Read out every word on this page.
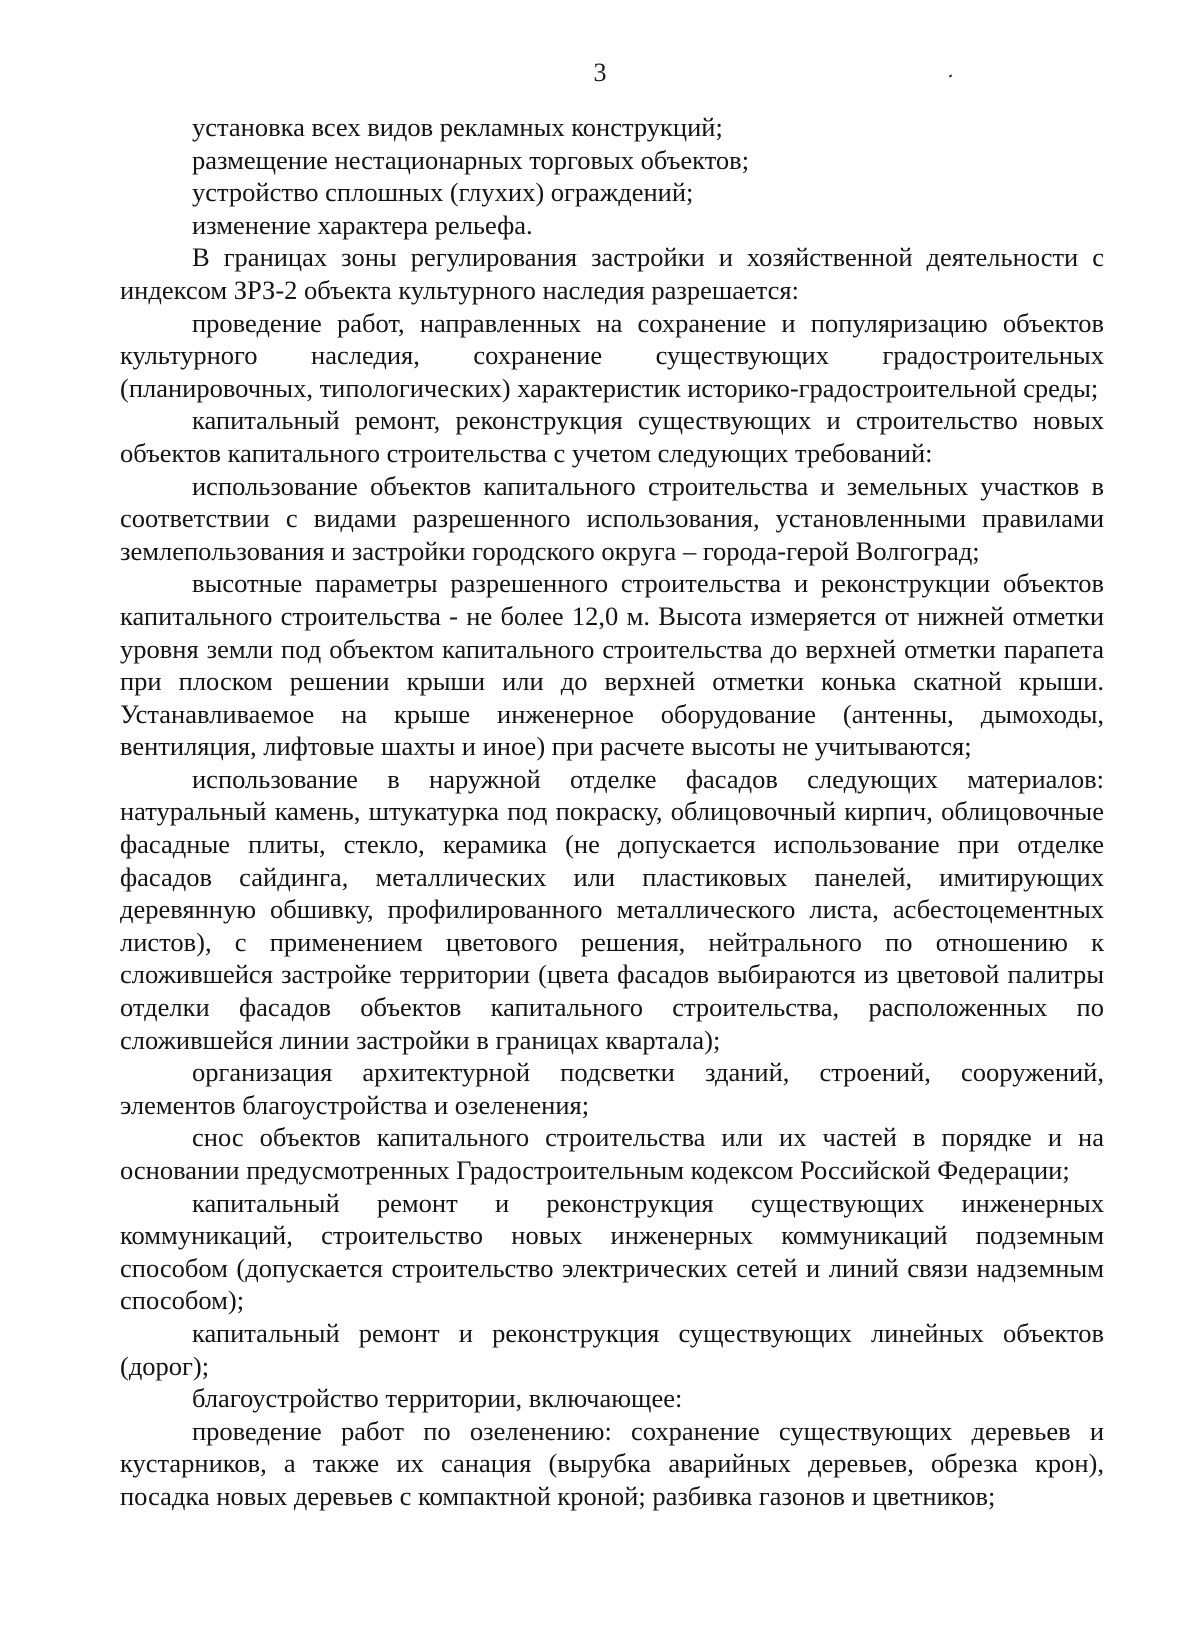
3

установка всех видов рекламных конструкций;

размещение нестационарных торговых объектов;

устройство сплошных (глухих) ограждений;

изменение характера рельефа.

В границах зоны регулирования застройки и хозяйственной деятельности с индексом ЗРЗ-2 объекта культурного наследия разрешается:

проведение работ, направленных на сохранение и популяризацию объектов культурного наследия, сохранение существующих градостроительных (планировочных, типологических) характеристик историко-градостроительной среды;

капитальный ремонт, реконструкция существующих и строительство новых объектов капитального строительства с учетом следующих требований:

использование объектов капитального строительства и земельных участков в соответствии с видами разрешенного использования, установленными правилами землепользования и застройки городского округа – города-герой Волгоград;

высотные параметры разрешенного строительства и реконструкции объектов капитального строительства - не более 12,0 м. Высота измеряется от нижней отметки уровня земли под объектом капитального строительства до верхней отметки парапета при плоском решении крыши или до верхней отметки конька скатной крыши. Устанавливаемое на крыше инженерное оборудование (антенны, дымоходы, вентиляция, лифтовые шахты и иное) при расчете высоты не учитываются;

использование в наружной отделке фасадов следующих материалов: натуральный камень, штукатурка под покраску, облицовочный кирпич, облицовочные фасадные плиты, стекло, керамика (не допускается использование при отделке фасадов сайдинга, металлических или пластиковых панелей, имитирующих деревянную обшивку, профилированного металлического листа, асбестоцементных листов), с применением цветового решения, нейтрального по отношению к сложившейся застройке территории (цвета фасадов выбираются из цветовой палитры отделки фасадов объектов капитального строительства, расположенных по сложившейся линии застройки в границах квартала);

организация архитектурной подсветки зданий, строений, сооружений, элементов благоустройства и озеленения;

снос объектов капитального строительства или их частей в порядке и на основании предусмотренных Градостроительным кодексом Российской Федерации;

капитальный ремонт и реконструкция существующих инженерных коммуникаций, строительство новых инженерных коммуникаций подземным способом (допускается строительство электрических сетей и линий связи надземным способом);

капитальный ремонт и реконструкция существующих линейных объектов (дорог);

благоустройство территории, включающее:

проведение работ по озеленению: сохранение существующих деревьев и кустарников, а также их санация (вырубка аварийных деревьев, обрезка крон), посадка новых деревьев с компактной кроной; разбивка газонов и цветников;
